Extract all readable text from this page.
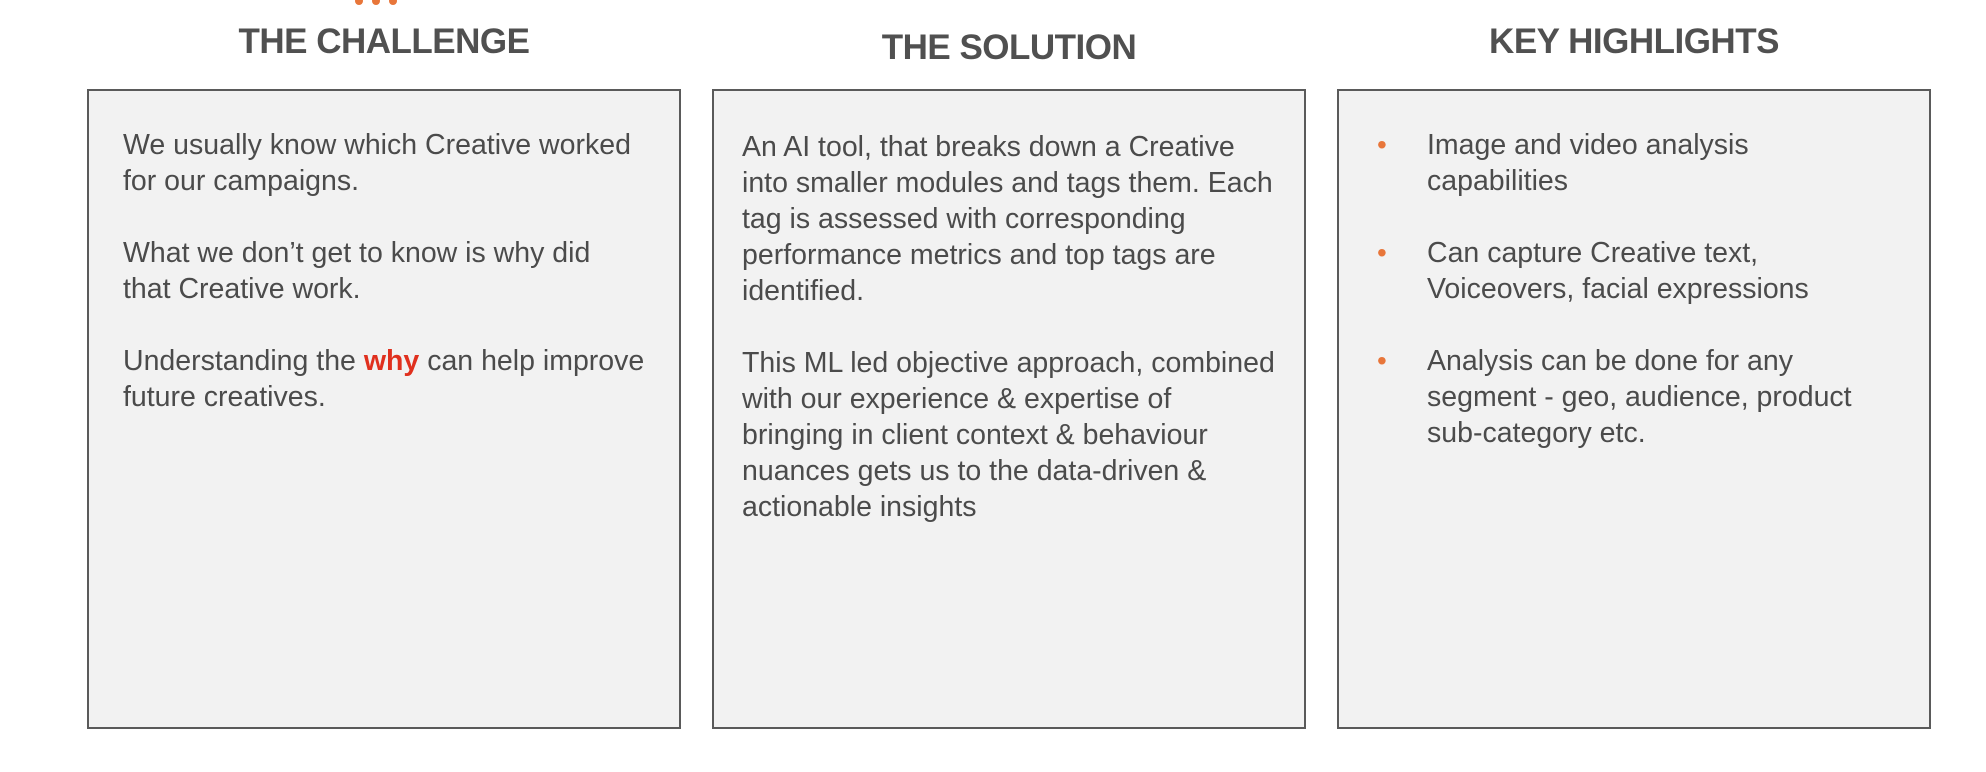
THE CHALLENGE

We usually know which Creative worked for our campaigns.

What we don’t get to know is why did that Creative work.

Understanding the why can help improve future creatives.

THE SOLUTION

An AI tool, that breaks down a Creative into smaller modules and tags them. Each tag is assessed with corresponding performance metrics and top tags are identified.

This ML led objective approach, combined with our experience & expertise of bringing in client context & behaviour nuances gets us to the data-driven & actionable insights

KEY HIGHLIGHTS
• Image and video analysis capabilities
• Can capture Creative text, Voiceovers, facial expressions
• Analysis can be done for any segment - geo, audience, product sub-category etc.
